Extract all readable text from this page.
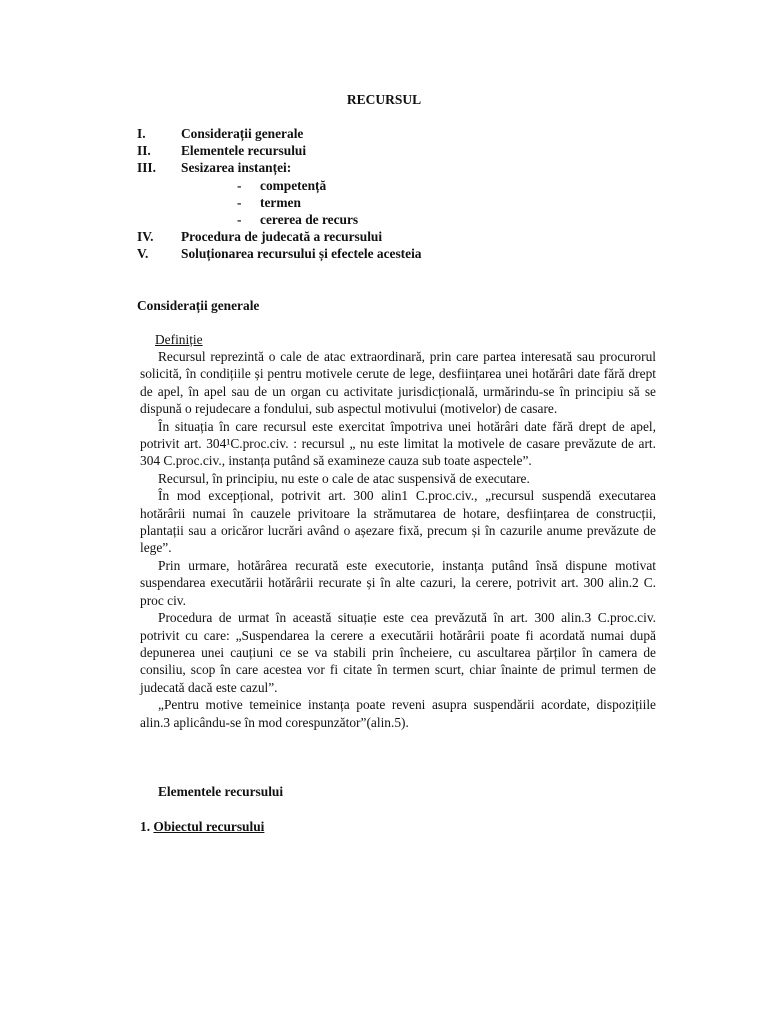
RECURSUL
I.	Considerații generale
II. Elementele recursului
III. Sesizarea instanței:
- competență
- termen
- cererea de recurs
IV. Procedura de judecată a recursului
V. Soluționarea recursului și efectele acesteia
Considerații generale
Definiție

Recursul reprezintă o cale de atac extraordinară, prin care partea interesată sau procurorul solicită, în condițiile și pentru motivele cerute de lege, desființarea unei hotărâri date fără drept de apel, în apel sau de un organ cu activitate jurisdicțională, urmărindu-se în principiu să se dispună o rejudecare a fondului, sub aspectul motivului (motivelor) de casare.

În situația în care recursul este exercitat împotriva unei hotărâri date fără drept de apel, potrivit art. 304¹C.proc.civ. : recursul „ nu este limitat la motivele de casare prevăzute de art. 304 C.proc.civ., instanța putând să examineze cauza sub toate aspectele”.

Recursul, în principiu, nu este o cale de atac suspensivă de executare.

În mod excepțional, potrivit art. 300 alin1 C.proc.civ., „recursul suspendă executarea hotărârii numai în cauzele privitoare la strămutarea de hotare, desființarea de construcții, plantații sau a oricăror lucrări având o așezare fixă, precum și în cazurile anume prevăzute de lege”.

Prin urmare, hotărârea recurată este executorie, instanța putând însă dispune motivat suspendarea executării hotărârii recurate și în alte cazuri, la cerere, potrivit art. 300 alin.2 C. proc civ.

Procedura de urmat în această situație este cea prevăzută în art. 300 alin.3 C.proc.civ. potrivit cu care: „Suspendarea la cerere a executării hotărârii poate fi acordată numai după depunerea unei cauțiuni ce se va stabili prin încheiere, cu ascultarea părților în camera de consiliu, scop în care acestea vor fi citate în termen scurt, chiar înainte de primul termen de judecată dacă este cazul”.

„Pentru motive temeinice instanța poate reveni asupra suspendării acordate, dispozițiile alin.3 aplicându-se în mod corespunzător”(alin.5).

Elementele recursului
1. Obiectul recursului
